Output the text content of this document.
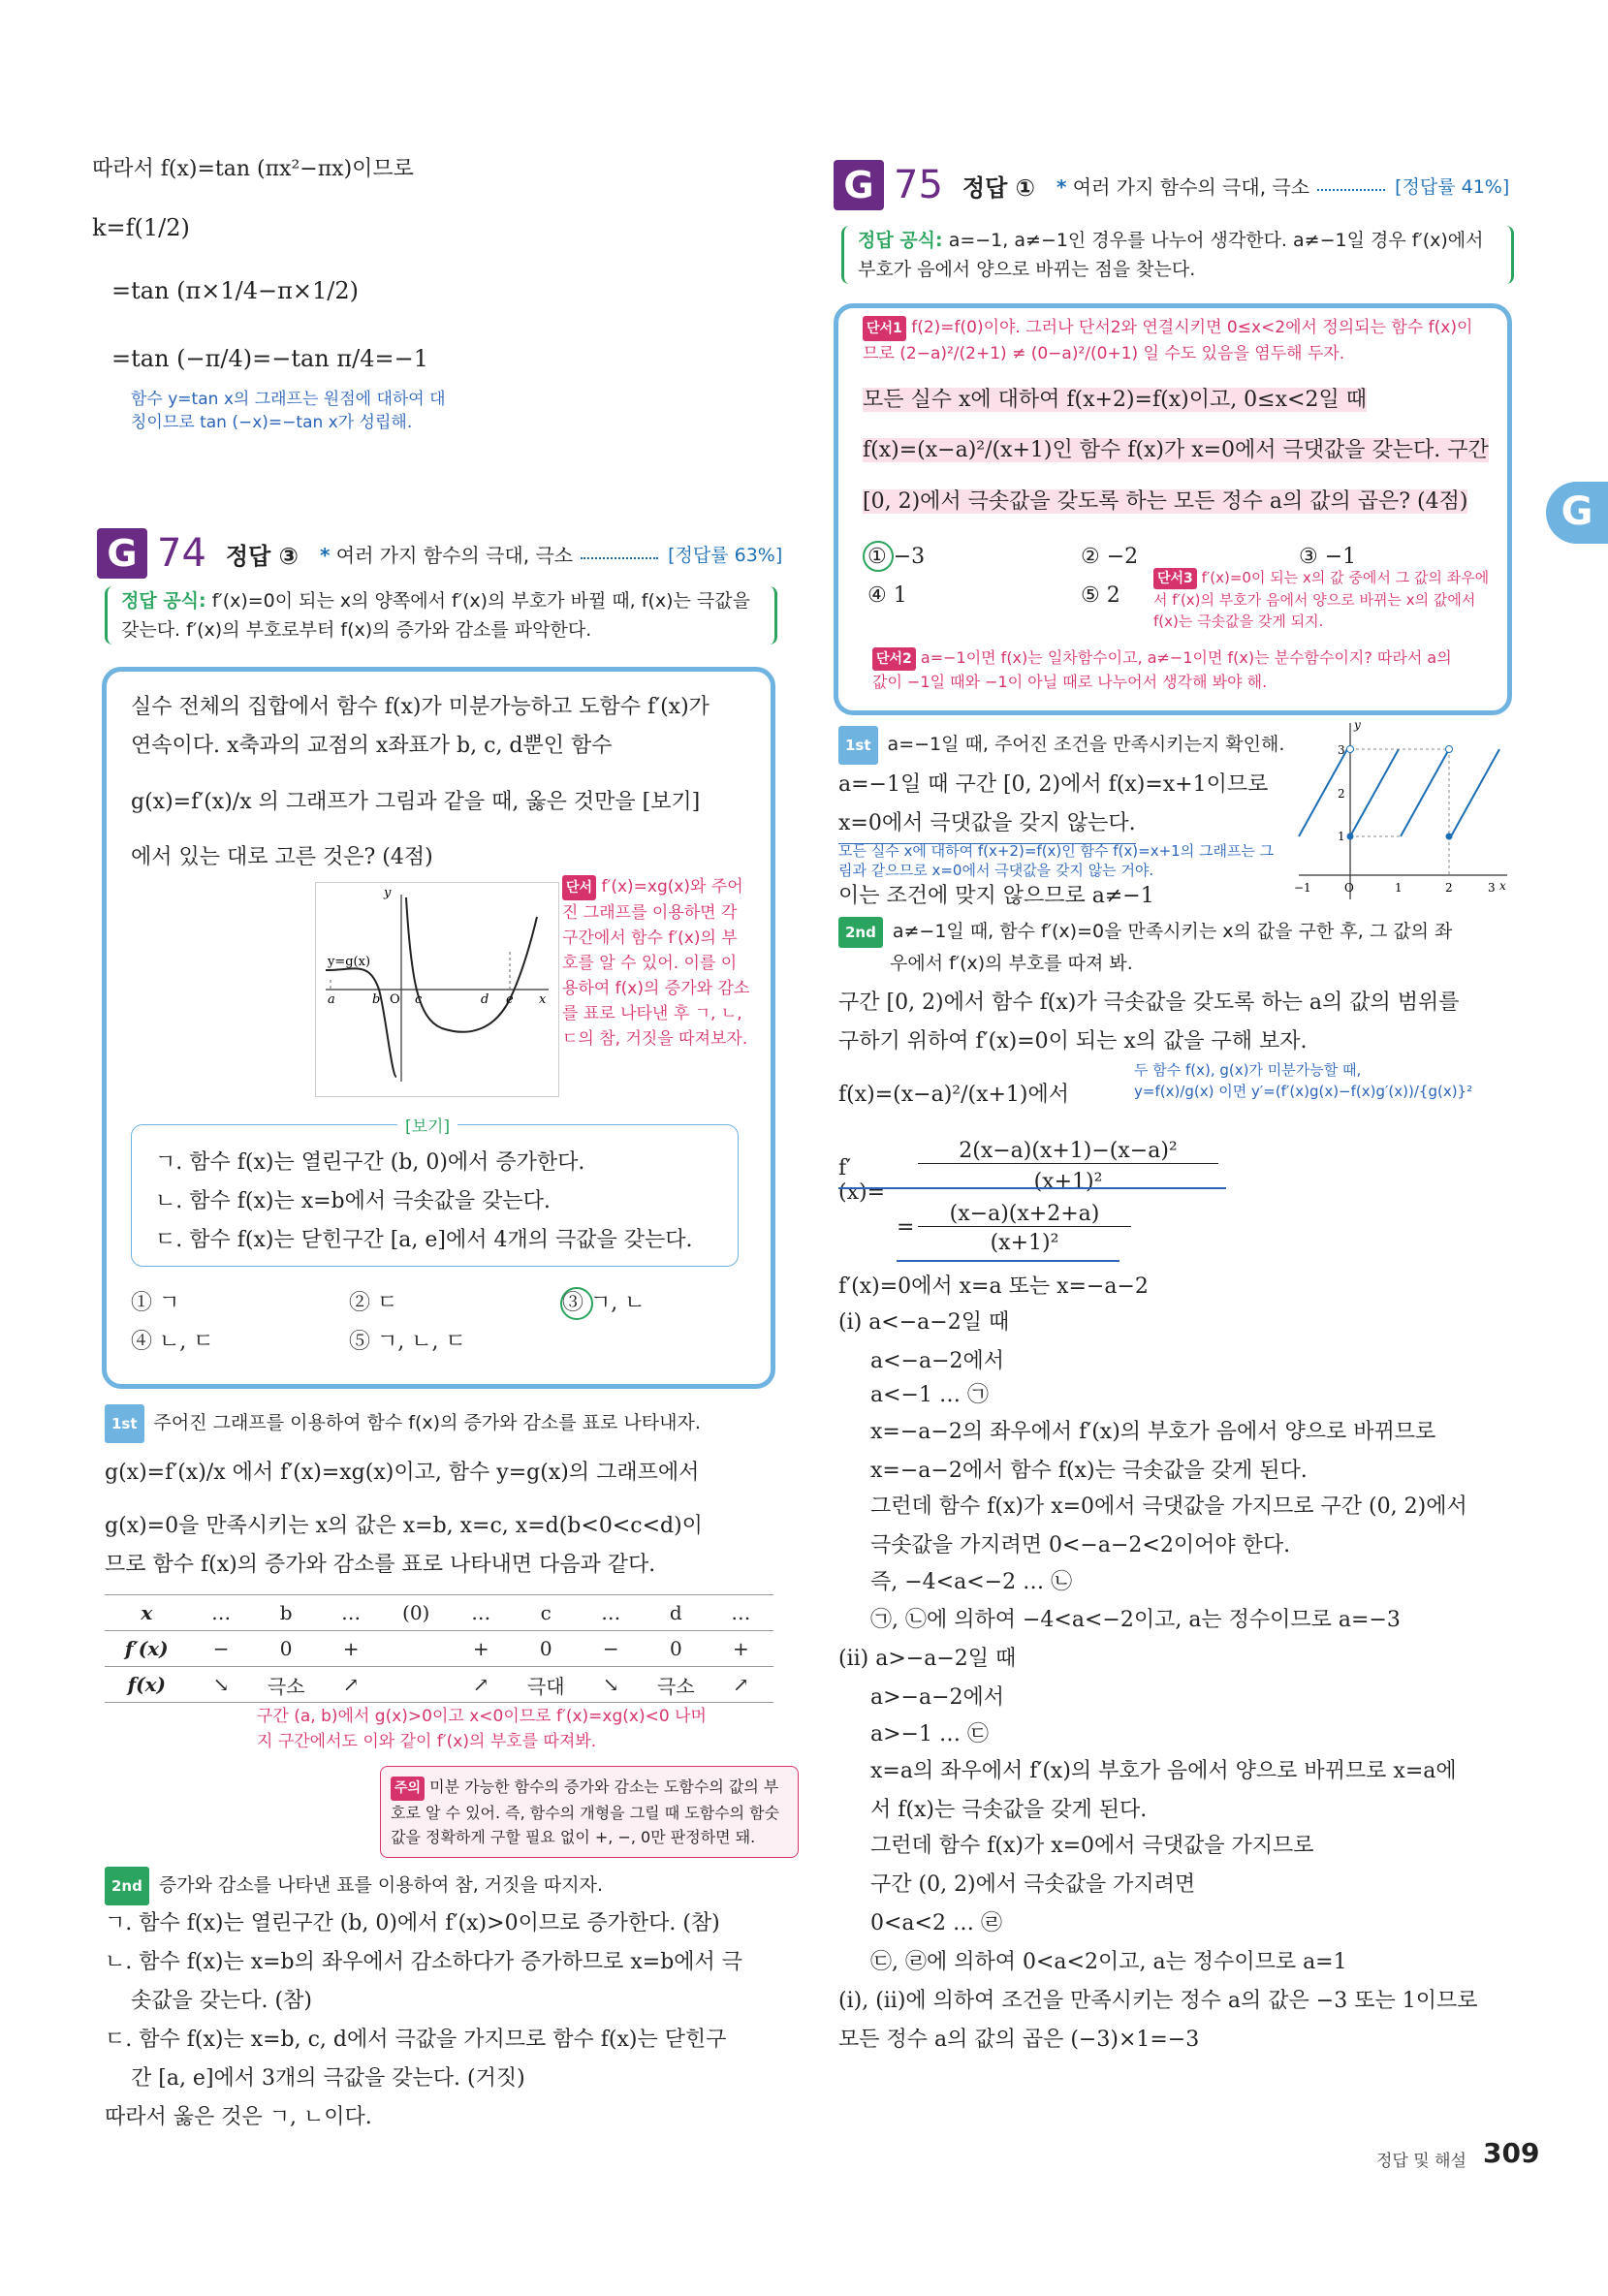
따라서 f(x)=tan (πx²−πx)이므로
k=f(1/2)
=tan (π×1/4−π×1/2)
=tan (−π/4)=−tan π/4=−1
함수 y=tan x의 그래프는 원점에 대하여 대칭이므로 tan (−x)=−tan x가 성립해.
G 74 정답 ③ * 여러 가지 함수의 극대, 극소	[정답률 63%]
정답 공식: f′(x)=0이 되는 x의 양쪽에서 f′(x)의 부호가 바뀔 때, f(x)는 극값을 갖는다. f′(x)의 부호로부터 f(x)의 증가와 감소를 파악한다.
실수 전체의 집합에서 함수 f(x)가 미분가능하고 도함수 f′(x)가
연속이다. x축과의 교점의 x좌표가 b, c, d뿐인 함수
g(x)=f′(x)/x 의 그래프가 그림과 같을 때, 옳은 것만을 [보기]
에서 있는 대로 고른 것은? (4점)
y
x
y=g(x)
a	b O c	d e
단서 f′(x)=xg(x)와 주어진 그래프를 이용하면 각 구간에서 함수 f′(x)의 부호를 알 수 있어. 이를 이용하여 f(x)의 증가와 감소를 표로 나타낸 후 ㄱ, ㄴ, ㄷ의 참, 거짓을 따져보자.
[보기]
ㄱ. 함수 f(x)는 열린구간 (b, 0)에서 증가한다.
ㄴ. 함수 f(x)는 x=b에서 극솟값을 갖는다.
ㄷ. 함수 f(x)는 닫힌구간 [a, e]에서 4개의 극값을 갖는다.
① ㄱ	② ㄷ	③ ㄱ, ㄴ
④ ㄴ, ㄷ	⑤ ㄱ, ㄴ, ㄷ
1st 주어진 그래프를 이용하여 함수 f(x)의 증가와 감소를 표로 나타내자.
g(x)=f′(x)/x 에서 f′(x)=xg(x)이고, 함수 y=g(x)의 그래프에서
g(x)=0을 만족시키는 x의 값은 x=b, x=c, x=d(b<0<c<d)이
므로 함수 f(x)의 증가와 감소를 표로 나타내면 다음과 같다.
x	…	b	…	(0)	…	c	…	d	…
f′(x)	−	0	+		+	0	−	0	+
f(x)	↘	극소	↗		↗	극대	↘	극소	↗
구간 (a, b)에서 g(x)>0이고 x<0이므로 f′(x)=xg(x)<0 나머지 구간에서도 이와 같이 f′(x)의 부호를 따져봐.
주의 미분 가능한 함수의 증가와 감소는 도함수의 값의 부호로 알 수 있어. 즉, 함수의 개형을 그릴 때 도함수의 함숫값을 정확하게 구할 필요 없이 +, −, 0만 판정하면 돼.
2nd 증가와 감소를 나타낸 표를 이용하여 참, 거짓을 따지자.
ㄱ. 함수 f(x)는 열린구간 (b, 0)에서 f′(x)>0이므로 증가한다. (참)
ㄴ. 함수 f(x)는 x=b의 좌우에서 감소하다가 증가하므로 x=b에서 극
솟값을 갖는다. (참)
ㄷ. 함수 f(x)는 x=b, c, d에서 극값을 가지므로 함수 f(x)는 닫힌구
간 [a, e]에서 3개의 극값을 갖는다. (거짓)
따라서 옳은 것은 ㄱ, ㄴ이다.
G 75 정답 ① * 여러 가지 함수의 극대, 극소	[정답률 41%]
정답 공식: a=−1, a≠−1인 경우를 나누어 생각한다. a≠−1일 경우 f′(x)에서 부호가 음에서 양으로 바뀌는 점을 찾는다.
단서1 f(2)=f(0)이야. 그러나 단서2와 연결시키면 0≤x<2에서 정의되는 함수 f(x)이므로 (2−a)²/(2+1) ≠ (0−a)²/(0+1) 일 수도 있음을 염두해 두자.
모든 실수 x에 대하여 f(x+2)=f(x)이고, 0≤x<2일 때
f(x)=(x−a)²/(x+1)인 함수 f(x)가 x=0에서 극댓값을 갖는다. 구간
[0, 2)에서 극솟값을 갖도록 하는 모든 정수 a의 값의 곱은? (4점)
① −3	② −2	③ −1
④ 1	⑤ 2
단서3 f′(x)=0이 되는 x의 값 중에서 그 값의 좌우에서 f′(x)의 부호가 음에서 양으로 바뀌는 x의 값에서 f(x)는 극솟값을 갖게 되지.
단서2 a=−1이면 f(x)는 일차함수이고, a≠−1이면 f(x)는 분수함수이지? 따라서 a의 값이 −1일 때와 −1이 아닐 때로 나누어서 생각해 봐야 해.
1st a=−1일 때, 주어진 조건을 만족시키는지 확인해.
a=−1일 때 구간 [0, 2)에서 f(x)=x+1이므로
x=0에서 극댓값을 갖지 않는다.
모든 실수 x에 대하여 f(x+2)=f(x)인 함수 f(x)=x+1의 그래프는 그림과 같으므로 x=0에서 극댓값을 갖지 않는 거야.
이는 조건에 맞지 않으므로 a≠−1
y
x
3
2
1
−1	O	1	2	3
2nd a≠−1일 때, 함수 f′(x)=0을 만족시키는 x의 값을 구한 후, 그 값의 좌
우에서 f′(x)의 부호를 따져 봐.
구간 [0, 2)에서 함수 f(x)가 극솟값을 갖도록 하는 a의 값의 범위를
구하기 위하여 f′(x)=0이 되는 x의 값을 구해 보자.
f(x)=(x−a)²/(x+1)에서
두 함수 f(x), g(x)가 미분가능할 때,
y=f(x)/g(x) 이면 y′=(f′(x)g(x)−f(x)g′(x))/{g(x)}²
f′(x)=
2(x−a)(x+1)−(x−a)²
(x+1)²
=
(x−a)(x+2+a)
(x+1)²
f′(x)=0에서 x=a 또는 x=−a−2
(i) a<−a−2일 때
a<−a−2에서
a<−1 … ㉠
x=−a−2의 좌우에서 f′(x)의 부호가 음에서 양으로 바뀌므로
x=−a−2에서 함수 f(x)는 극솟값을 갖게 된다.
그런데 함수 f(x)가 x=0에서 극댓값을 가지므로 구간 (0, 2)에서
극솟값을 가지려면 0<−a−2<2이어야 한다.
즉, −4<a<−2 … ㉡
㉠, ㉡에 의하여 −4<a<−2이고, a는 정수이므로 a=−3
(ii) a>−a−2일 때
a>−a−2에서
a>−1 … ㉢
x=a의 좌우에서 f′(x)의 부호가 음에서 양으로 바뀌므로 x=a에
서 f(x)는 극솟값을 갖게 된다.
그런데 함수 f(x)가 x=0에서 극댓값을 가지므로
구간 (0, 2)에서 극솟값을 가지려면
0<a<2 … ㉣
㉢, ㉣에 의하여 0<a<2이고, a는 정수이므로 a=1
(i), (ii)에 의하여 조건을 만족시키는 정수 a의 값은 −3 또는 1이므로
모든 정수 a의 값의 곱은 (−3)×1=−3
G
정답 및 해설 309
